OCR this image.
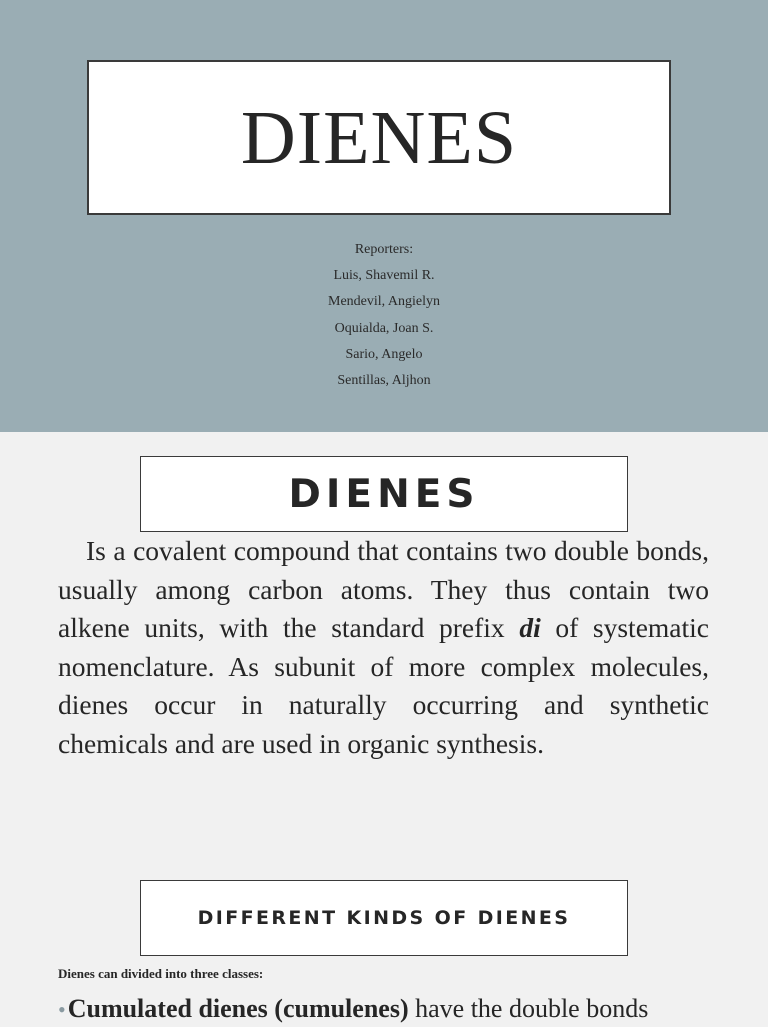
DIENES
Reporters:
Luis, Shavemil R.
Mendevil, Angielyn
Oquialda, Joan S.
Sario, Angelo
Sentillas, Aljhon
DIENES
Is a covalent compound that contains two double bonds, usually among carbon atoms. They thus contain two alkene units, with the standard prefix di of systematic nomenclature. As subunit of more complex molecules, dienes occur in naturally occurring and synthetic chemicals and are used in organic synthesis.
DIFFERENT KINDS OF DIENES
Dienes can divided into three classes:
•Cumulated dienes (cumulenes) have the double bonds
